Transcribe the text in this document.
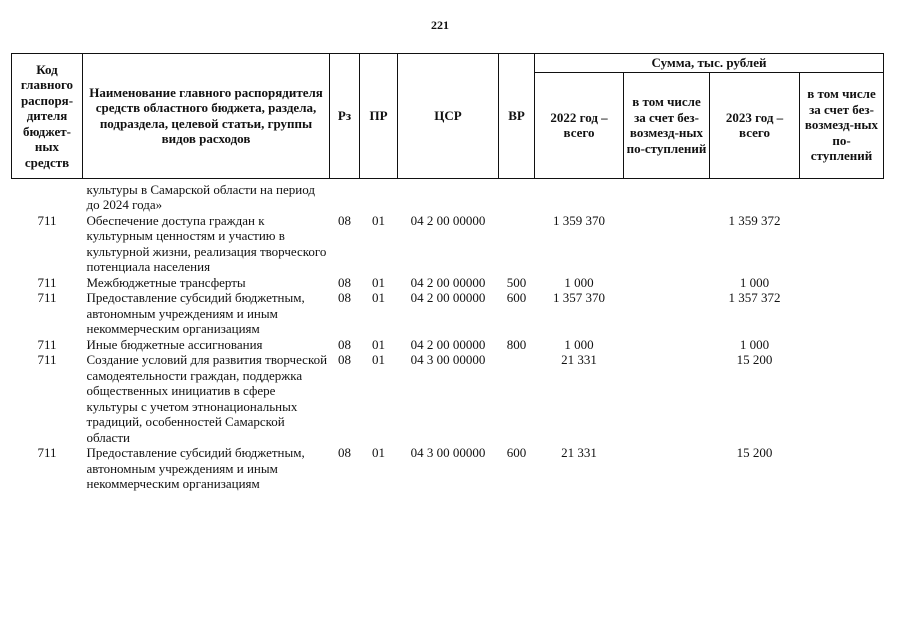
221
Код главного распоря-дителя бюджет-ных средств	Наименование главного распорядителя средств областного бюджета, раздела, подраздела, целевой статьи, группы видов расходов	Рз	ПР	ЦСР	ВР	Сумма, тыс. рублей			
						2022 год – всего	в том числе за счет без-возмезд-ных по-ступлений	2023 год – всего	в том числе за счет без-возмезд-ных по-ступлений

	культуры в Самарской области на период до 2024 года»								
711	Обеспечение доступа граждан к культурным ценностям и участию в культурной жизни, реализация творческого потенциала населения	08	01	04 2 00 00000		1 359 370		1 359 372	
711	Межбюджетные трансферты	08	01	04 2 00 00000	500	1 000		1 000	
711	Предоставление субсидий бюджетным, автономным учреждениям и иным некоммерческим организациям	08	01	04 2 00 00000	600	1 357 370		1 357 372	
711	Иные бюджетные ассигнования	08	01	04 2 00 00000	800	1 000		1 000	
711	Создание условий для развития творческой самодеятельности граждан, поддержка общественных инициатив в сфере культуры с учетом этнонациональных традиций, особенностей Самарской области	08	01	04 3 00 00000		21 331		15 200	
711	Предоставление субсидий бюджетным, автономным учреждениям и иным некоммерческим организациям	08	01	04 3 00 00000	600	21 331		15 200	
